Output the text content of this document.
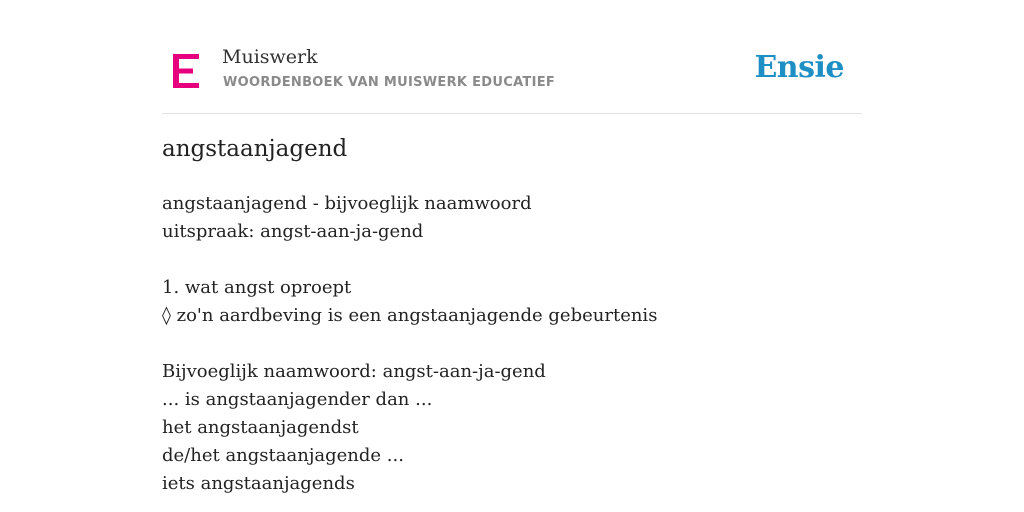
Muiswerk
WOORDENBOEK VAN MUISWERK EDUCATIEF	Ensie
angstaanjagend
angstaanjagend - bijvoeglijk naamwoord
uitspraak: angst-aan-ja-gend
1. wat angst oproept
◊ zo'n aardbeving is een angstaanjagende gebeurtenis
Bijvoeglijk naamwoord: angst-aan-ja-gend
... is angstaanjagender dan ...
het angstaanjagendst
de/het angstaanjagende ...
iets angstaanjagends
